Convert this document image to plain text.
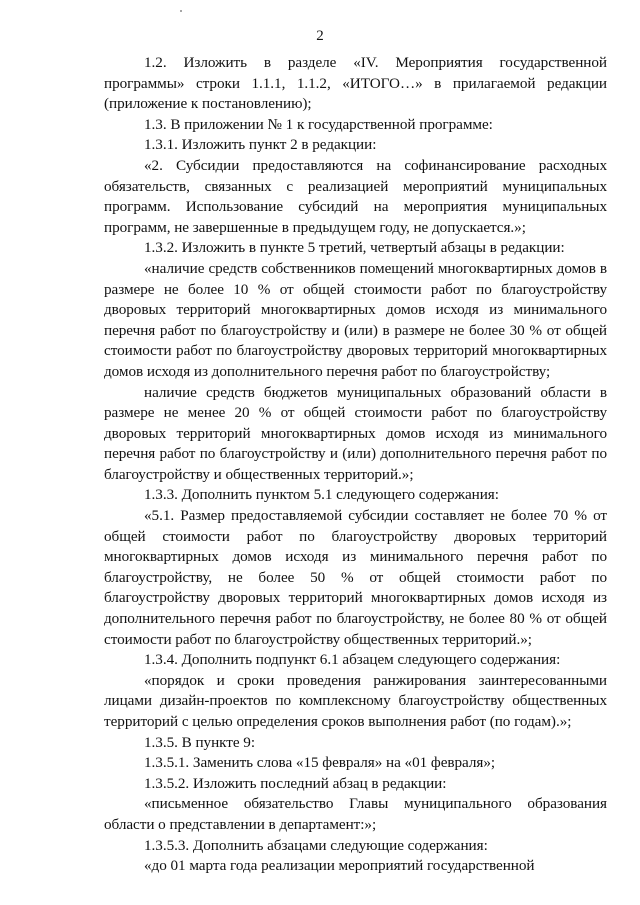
2

1.2. Изложить в разделе «IV. Мероприятия государственной программы» строки 1.1.1, 1.1.2, «ИТОГО…» в прилагаемой редакции (приложение к постановлению);

1.3. В приложении № 1 к государственной программе:

1.3.1. Изложить пункт 2 в редакции:

«2. Субсидии предоставляются на софинансирование расходных обязательств, связанных с реализацией мероприятий муниципальных программ. Использование субсидий на мероприятия муниципальных программ, не завершенные в предыдущем году, не допускается.»;

1.3.2. Изложить в пункте 5 третий, четвертый абзацы в редакции:

«наличие средств собственников помещений многоквартирных домов в размере не более 10 % от общей стоимости работ по благоустройству дворовых территорий многоквартирных домов исходя из минимального перечня работ по благоустройству и (или) в размере не более 30 % от общей стоимости работ по благоустройству дворовых территорий многоквартирных домов исходя из дополнительного перечня работ по благоустройству;

наличие средств бюджетов муниципальных образований области в размере не менее 20 % от общей стоимости работ по благоустройству дворовых территорий многоквартирных домов исходя из минимального перечня работ по благоустройству и (или) дополнительного перечня работ по благоустройству и общественных территорий.»;

1.3.3. Дополнить пунктом 5.1 следующего содержания:

«5.1. Размер предоставляемой субсидии составляет не более 70 % от общей стоимости работ по благоустройству дворовых территорий многоквартирных домов исходя из минимального перечня работ по благоустройству, не более 50 % от общей стоимости работ по благоустройству дворовых территорий многоквартирных домов исходя из дополнительного перечня работ по благоустройству, не более 80 % от общей стоимости работ по благоустройству общественных территорий.»;

1.3.4. Дополнить подпункт 6.1 абзацем следующего содержания:

«порядок и сроки проведения ранжирования заинтересованными лицами дизайн-проектов по комплексному благоустройству общественных территорий с целью определения сроков выполнения работ (по годам).»;

1.3.5. В пункте 9:

1.3.5.1. Заменить слова «15 февраля» на «01 февраля»;

1.3.5.2. Изложить последний абзац в редакции:

«письменное обязательство Главы муниципального образования области о представлении в департамент:»;

1.3.5.3. Дополнить абзацами следующие содержания:

«до 01 марта года реализации мероприятий государственной
